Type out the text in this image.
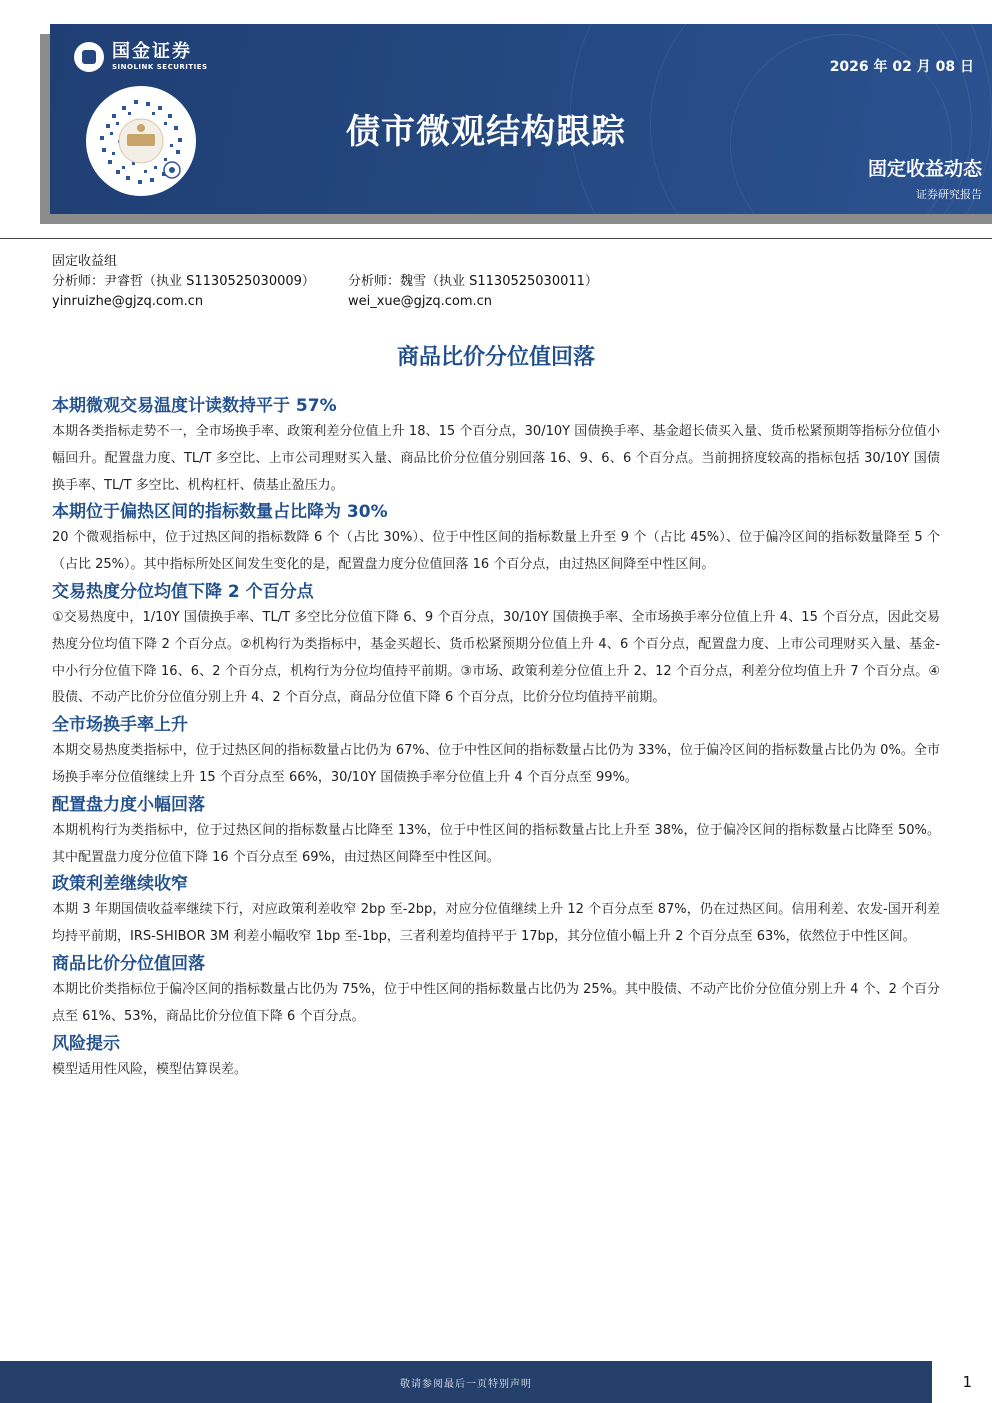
国金证券
SINOLINK SECURITIES	2026 年 02 月 08 日
债市微观结构跟踪
固定收益动态
证券研究报告
固定收益组
分析师：尹睿哲（执业 S1130525030009）	分析师：魏雪（执业 S1130525030011）
yinruizhe@gjzq.com.cn	wei_xue@gjzq.com.cn
商品比价分位值回落
本期微观交易温度计读数持平于 57%

本期各类指标走势不一，全市场换手率、政策利差分位值上升 18、15 个百分点，30/10Y 国债换手率、基金超长债买入量、货币松紧预期等指标分位值小幅回升。配置盘力度、TL/T 多空比、上市公司理财买入量、商品比价分位值分别回落 16、9、6、6 个百分点。当前拥挤度较高的指标包括 30/10Y 国债换手率、TL/T 多空比、机构杠杆、债基止盈压力。

本期位于偏热区间的指标数量占比降为 30%

20 个微观指标中，位于过热区间的指标数降 6 个（占比 30%）、位于中性区间的指标数量上升至 9 个（占比 45%）、位于偏冷区间的指标数量降至 5 个（占比 25%）。其中指标所处区间发生变化的是，配置盘力度分位值回落 16 个百分点，由过热区间降至中性区间。

交易热度分位均值下降 2 个百分点

①交易热度中，1/10Y 国债换手率、TL/T 多空比分位值下降 6、9 个百分点，30/10Y 国债换手率、全市场换手率分位值上升 4、15 个百分点，因此交易热度分位均值下降 2 个百分点。②机构行为类指标中，基金买超长、货币松紧预期分位值上升 4、6 个百分点，配置盘力度、上市公司理财买入量、基金-中小行分位值下降 16、6、2 个百分点，机构行为分位均值持平前期。③市场、政策利差分位值上升 2、12 个百分点，利差分位均值上升 7 个百分点。④股债、不动产比价分位值分别上升 4、2 个百分点，商品分位值下降 6 个百分点，比价分位均值持平前期。

全市场换手率上升

本期交易热度类指标中，位于过热区间的指标数量占比仍为 67%、位于中性区间的指标数量占比仍为 33%，位于偏冷区间的指标数量占比仍为 0%。全市场换手率分位值继续上升 15 个百分点至 66%，30/10Y 国债换手率分位值上升 4 个百分点至 99%。

配置盘力度小幅回落

本期机构行为类指标中，位于过热区间的指标数量占比降至 13%，位于中性区间的指标数量占比上升至 38%，位于偏冷区间的指标数量占比降至 50%。其中配置盘力度分位值下降 16 个百分点至 69%，由过热区间降至中性区间。

政策利差继续收窄

本期 3 年期国债收益率继续下行，对应政策利差收窄 2bp 至-2bp，对应分位值继续上升 12 个百分点至 87%，仍在过热区间。信用利差、农发-国开利差均持平前期，IRS-SHIBOR 3M 利差小幅收窄 1bp 至-1bp，三者利差均值持平于 17bp，其分位值小幅上升 2 个百分点至 63%，依然位于中性区间。

商品比价分位值回落

本期比价类指标位于偏冷区间的指标数量占比仍为 75%，位于中性区间的指标数量占比仍为 25%。其中股债、不动产比价分位值分别上升 4 个、2 个百分点至 61%、53%，商品比价分位值下降 6 个百分点。

风险提示

模型适用性风险，模型估算误差。

敬请参阅最后一页特别声明	1
